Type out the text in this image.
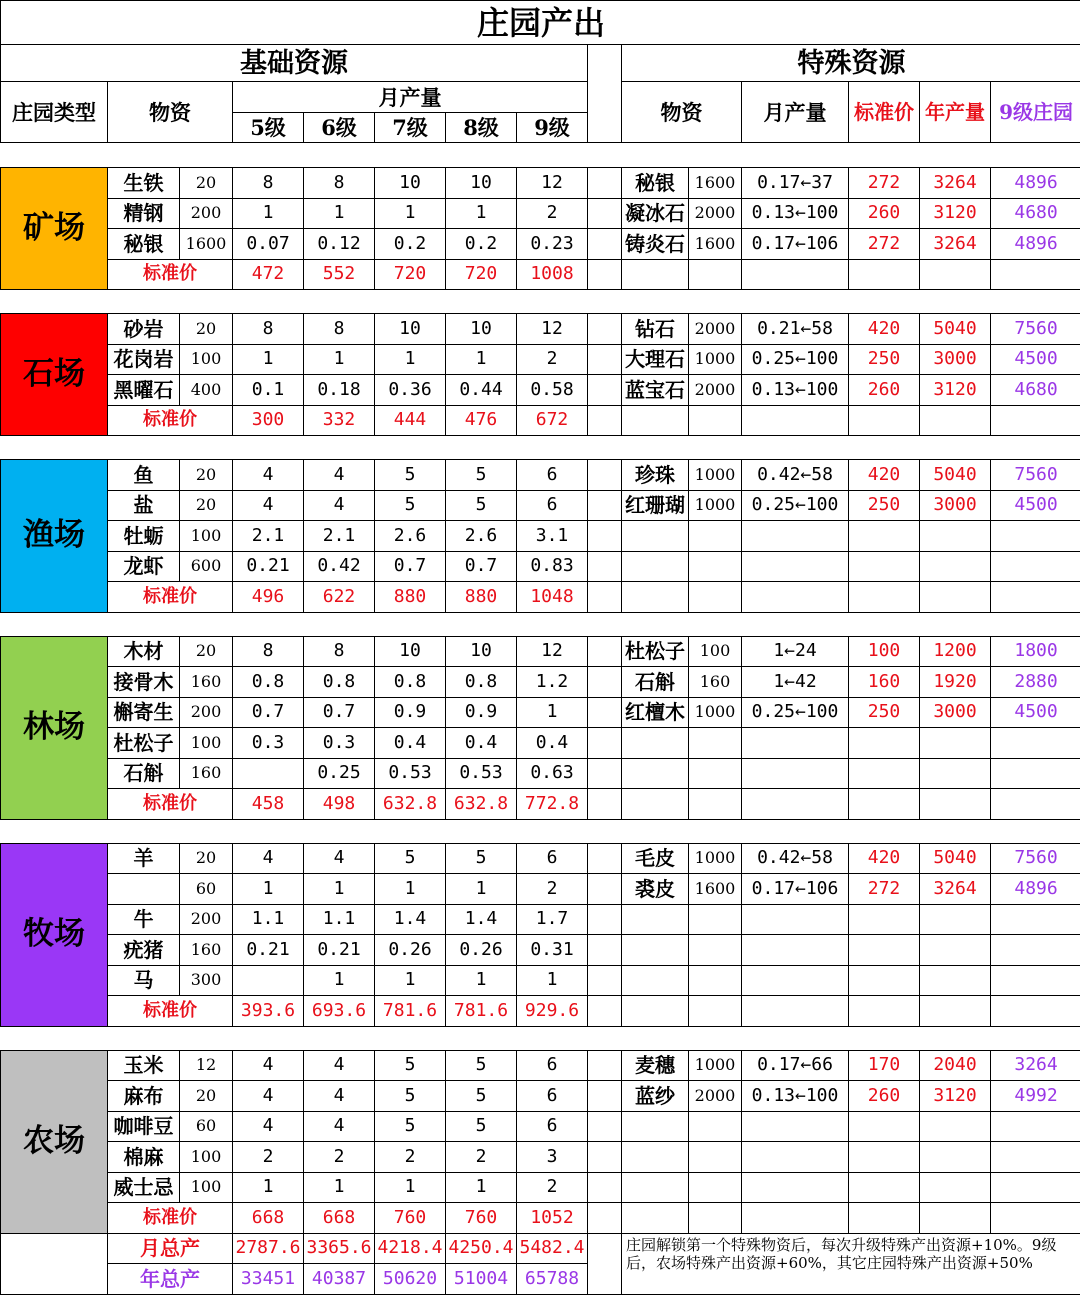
庄园产出														
基础资源									特殊资源					
庄园类型	物资		月产量						物资		月产量	标准价	年产量	9级庄园
			5级	6级	7级	8级	9级							

矿场	生铁	20	8	8	10	10	12		秘银	1600	0.17←37	272	3264	4896
	精钢	200	1	1	1	1	2		凝冰石	2000	0.13←100	260	3120	4680
	秘银	1600	0.07	0.12	0.2	0.2	0.23		铸炎石	1600	0.17←106	272	3264	4896
	标准价		472	552	720	720	1008							

石场	砂岩	20	8	8	10	10	12		钻石	2000	0.21←58	420	5040	7560
	花岗岩	100	1	1	1	1	2		大理石	1000	0.25←100	250	3000	4500
	黑曜石	400	0.1	0.18	0.36	0.44	0.58		蓝宝石	2000	0.13←100	260	3120	4680
	标准价		300	332	444	476	672							

渔场	鱼	20	4	4	5	5	6		珍珠	1000	0.42←58	420	5040	7560
	盐	20	4	4	5	5	6		红珊瑚	1000	0.25←100	250	3000	4500
	牡蛎	100	2.1	2.1	2.6	2.6	3.1							
	龙虾	600	0.21	0.42	0.7	0.7	0.83							
	标准价		496	622	880	880	1048							

林场	木材	20	8	8	10	10	12		杜松子	100	1←24	100	1200	1800
	接骨木	160	0.8	0.8	0.8	0.8	1.2		石斛	160	1←42	160	1920	2880
	槲寄生	200	0.7	0.7	0.9	0.9	1		红檀木	1000	0.25←100	250	3000	4500
	杜松子	100	0.3	0.3	0.4	0.4	0.4							
	石斛	160		0.25	0.53	0.53	0.63							
	标准价		458	498	632.8	632.8	772.8							

牧场	羊	20	4	4	5	5	6		毛皮	1000	0.42←58	420	5040	7560
		60	1	1	1	1	2		裘皮	1600	0.17←106	272	3264	4896
	牛	200	1.1	1.1	1.4	1.4	1.7							
	疣猪	160	0.21	0.21	0.26	0.26	0.31							
	马	300		1	1	1	1							
	标准价		393.6	693.6	781.6	781.6	929.6							

农场	玉米	12	4	4	5	5	6		麦穗	1000	0.17←66	170	2040	3264
	麻布	20	4	4	5	5	6		蓝纱	2000	0.13←100	260	3120	4992
	咖啡豆	60	4	4	5	5	6							
	棉麻	100	2	2	2	2	3							
	威士忌	100	1	1	1	1	2							
	标准价		668	668	760	760	1052							
	月总产		2787.6	3365.6	4218.4	4250.4	5482.4		庄园解锁第一个特殊物资后，每次升级特殊产出资源+10%。9级后，农场特殊产出资源+60%，其它庄园特殊产出资源+50%					
	年总产		33451	40387	50620	51004	65788							
